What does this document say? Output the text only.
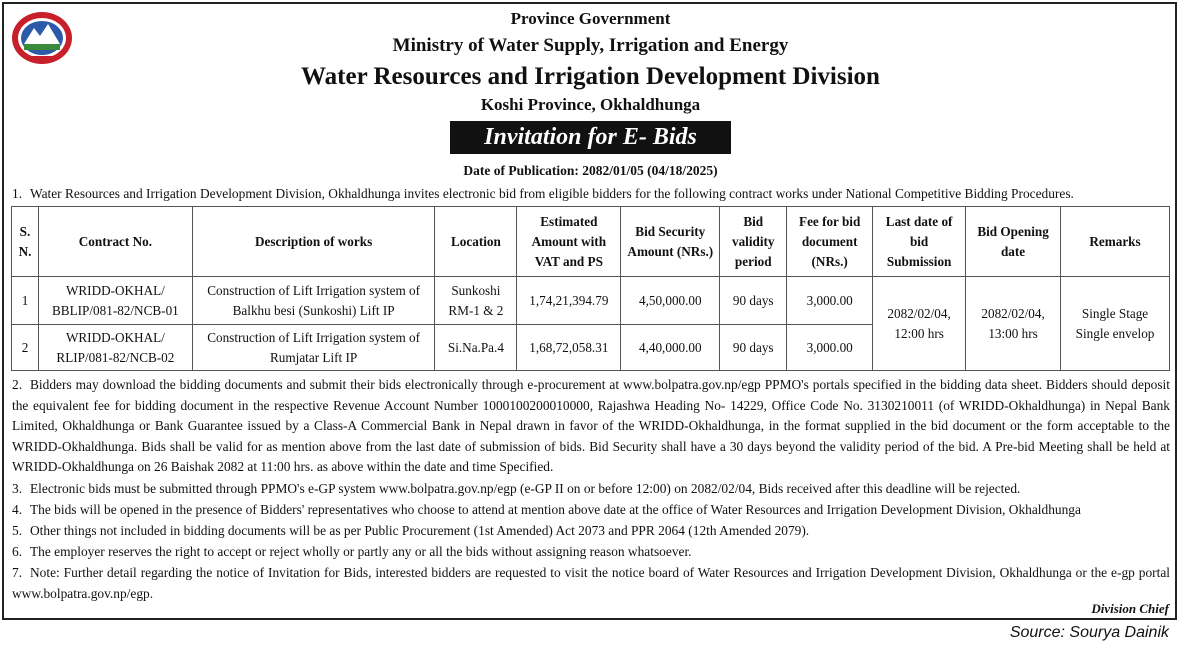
Province Government
Ministry of Water Supply, Irrigation and Energy
Water Resources and Irrigation Development Division
Koshi Province, Okhaldhunga
Invitation for E- Bids
Date of Publication: 2082/01/05 (04/18/2025)
1. Water Resources and Irrigation Development Division, Okhaldhunga invites electronic bid from eligible bidders for the following contract works under National Competitive Bidding Procedures.
S. N.	Contract No.	Description of works	Location	Estimated Amount with VAT and PS	Bid Security Amount (NRs.)	Bid validity period	Fee for bid document (NRs.)	Last date of bid Submission	Bid Opening date	Remarks
1	WRIDD-OKHAL/ BBLIP/081-82/NCB-01	Construction of Lift Irrigation system of Balkhu besi (Sunkoshi) Lift IP	Sunkoshi RM-1 & 2	1,74,21,394.79	4,50,000.00	90 days	3,000.00	2082/02/04, 12:00 hrs	2082/02/04, 13:00 hrs	Single Stage Single envelop
2	WRIDD-OKHAL/ RLIP/081-82/NCB-02	Construction of Lift Irrigation system of Rumjatar Lift IP	Si.Na.Pa.4	1,68,72,058.31	4,40,000.00	90 days	3,000.00			
2. Bidders may download the bidding documents and submit their bids electronically through e-procurement at www.bolpatra.gov.np/egp PPMO's portals specified in the bidding data sheet. Bidders should deposit the equivalent fee for bidding document in the respective Revenue Account Number 1000100200010000, Rajashwa Heading No- 14229, Office Code No. 3130210011 (of WRIDD-Okhaldhunga) in Nepal Bank Limited, Okhaldhunga or Bank Guarantee issued by a Class-A Commercial Bank in Nepal drawn in favor of the WRIDD-Okhaldhunga, in the format supplied in the bid document or the form acceptable to the WRIDD-Okhaldhunga. Bids shall be valid for as mention above from the last date of submission of bids. Bid Security shall have a 30 days beyond the validity period of the bid. A Pre-bid Meeting shall be held at WRIDD-Okhaldhunga on 26 Baishak 2082 at 11:00 hrs. as above within the date and time Specified.
3. Electronic bids must be submitted through PPMO's e-GP system www.bolpatra.gov.np/egp (e-GP II on or before 12:00) on 2082/02/04, Bids received after this deadline will be rejected.
4. The bids will be opened in the presence of Bidders' representatives who choose to attend at mention above date at the office of Water Resources and Irrigation Development Division, Okhaldhunga
5. Other things not included in bidding documents will be as per Public Procurement (1st Amended) Act 2073 and PPR 2064 (12th Amended 2079).
6. The employer reserves the right to accept or reject wholly or partly any or all the bids without assigning reason whatsoever.
7. Note: Further detail regarding the notice of Invitation for Bids, interested bidders are requested to visit the notice board of Water Resources and Irrigation Development Division, Okhaldhunga or the e-gp portal www.bolpatra.gov.np/egp.
Division Chief
Source: Sourya Dainik
